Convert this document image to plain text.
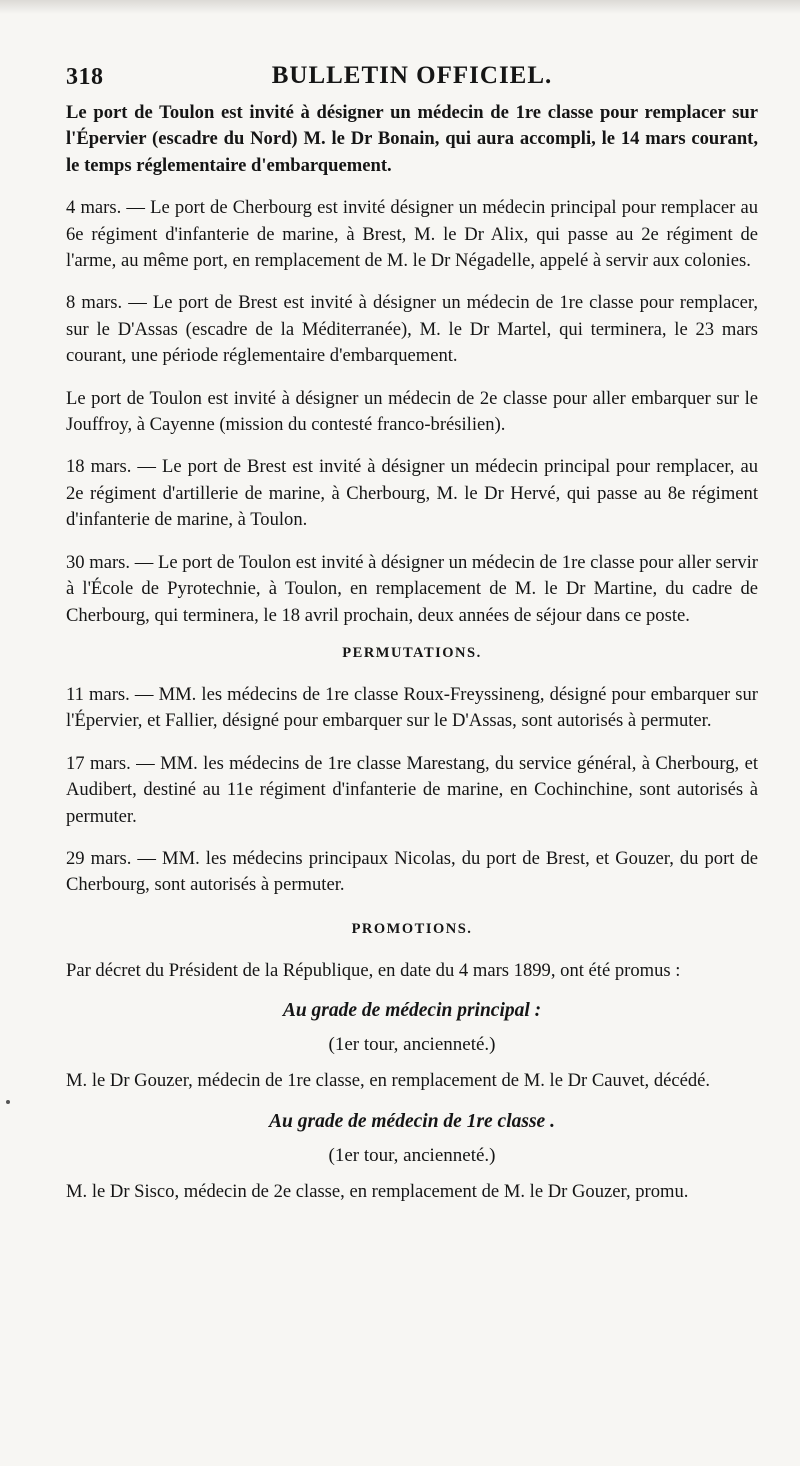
318	BULLETIN OFFICIEL.

Le port de Toulon est invité à désigner un médecin de 1re classe pour remplacer sur l'Épervier (escadre du Nord) M. le Dr Bonain, qui aura accompli, le 14 mars courant, le temps réglementaire d'embarquement.

4 mars. — Le port de Cherbourg est invité désigner un médecin principal pour remplacer au 6e régiment d'infanterie de marine, à Brest, M. le Dr Alix, qui passe au 2e régiment de l'arme, au même port, en remplacement de M. le Dr Négadelle, appelé à servir aux colonies.

8 mars. — Le port de Brest est invité à désigner un médecin de 1re classe pour remplacer, sur le D'Assas (escadre de la Méditerranée), M. le Dr Martel, qui terminera, le 23 mars courant, une période réglementaire d'embarquement.

Le port de Toulon est invité à désigner un médecin de 2e classe pour aller embarquer sur le Jouffroy, à Cayenne (mission du contesté franco-brésilien).

18 mars. — Le port de Brest est invité à désigner un médecin principal pour remplacer, au 2e régiment d'artillerie de marine, à Cherbourg, M. le Dr Hervé, qui passe au 8e régiment d'infanterie de marine, à Toulon.

30 mars. — Le port de Toulon est invité à désigner un médecin de 1re classe pour aller servir à l'École de Pyrotechnie, à Toulon, en remplacement de M. le Dr Martine, du cadre de Cherbourg, qui terminera, le 18 avril prochain, deux années de séjour dans ce poste.

PERMUTATIONS.

11 mars. — MM. les médecins de 1re classe Roux-Freyssineng, désigné pour embarquer sur l'Épervier, et Fallier, désigné pour embarquer sur le D'Assas, sont autorisés à permuter.

17 mars. — MM. les médecins de 1re classe Marestang, du service général, à Cherbourg, et Audibert, destiné au 11e régiment d'infanterie de marine, en Cochinchine, sont autorisés à permuter.

29 mars. — MM. les médecins principaux Nicolas, du port de Brest, et Gouzer, du port de Cherbourg, sont autorisés à permuter.

PROMOTIONS.

Par décret du Président de la République, en date du 4 mars 1899, ont été promus :

Au grade de médecin principal :
(1er tour, ancienneté.)

M. le Dr Gouzer, médecin de 1re classe, en remplacement de M. le Dr Cauvet, décédé.

Au grade de médecin de 1re classe .
(1er tour, ancienneté.)

M. le Dr Sisco, médecin de 2e classe, en remplacement de M. le Dr Gouzer, promu.
